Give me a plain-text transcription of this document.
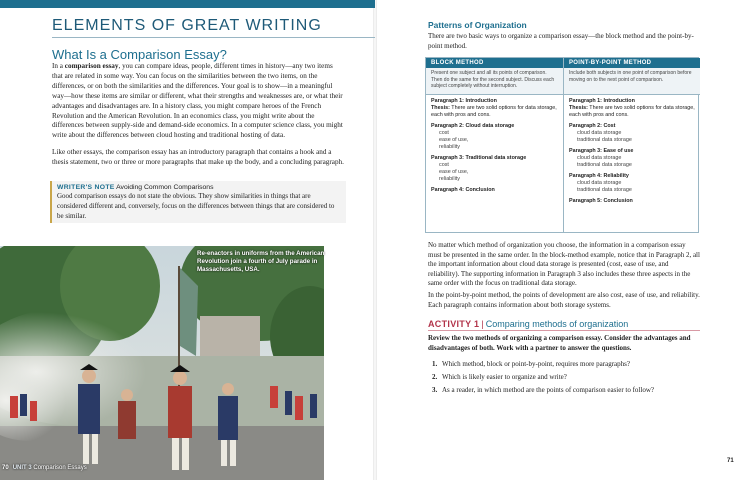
ELEMENTS OF GREAT WRITING
What Is a Comparison Essay?
In a comparison essay, you can compare ideas, people, different times in history—any two items that are related in some way. You can focus on the similarities between the two items, on the differences, or on both the similarities and the differences. Your goal is to show—in a meaningful way—how these items are similar or different, what their strengths and weaknesses are, or what their advantages and disadvantages are. In a history class, you might compare heroes of the French Revolution and the American Revolution. In an economics class, you might write about the differences between supply-side and demand-side economics. In a computer science class, you might write about the differences between cloud hosting and traditional hosting of data.
Like other essays, the comparison essay has an introductory paragraph that contains a hook and a thesis statement, two or three or more paragraphs that make up the body, and a concluding paragraph.
WRITER'S NOTE Avoiding Common Comparisons
Good comparison essays do not state the obvious. They show similarities in things that are considered different and, conversely, focus on the differences between things that are considered to be similar.
Re-enactors in uniforms from the American Revolution join a fourth of July parade in Massachusetts, USA.
70 UNIT 3 Comparison Essays
Patterns of Organization
There are two basic ways to organize a comparison essay—the block method and the point-by-point method.
BLOCK METHOD	POINT-BY-POINT METHOD
Present one subject and all its points of comparison. Then do the same for the second subject. Discuss each subject completely without interruption.
Include both subjects in one point of comparison before moving on to the next point of comparison.
Paragraph 1: Introduction
Thesis: There are two solid options for data storage, each with pros and cons.
Paragraph 2: Cloud data storage
cost
ease of use,
reliability
Paragraph 3: Traditional data storage
cost
ease of use,
reliability
Paragraph 4: Conclusion
Paragraph 1: Introduction
Thesis: There are two solid options for data storage, each with pros and cons.
Paragraph 2: Cost
cloud data storage
traditional data storage
Paragraph 3: Ease of use
cloud data storage
traditional data storage
Paragraph 4: Reliability
cloud data storage
traditional data storage
Paragraph 5: Conclusion
No matter which method of organization you choose, the information in a comparison essay must be presented in the same order. In the block-method example, notice that in Paragraph 2, all the important information about cloud data storage is presented (cost, ease of use, and reliability). The supporting information in Paragraph 3 also includes these three aspects in the same order with the focus on traditional data storage.
In the point-by-point method, the points of development are also cost, ease of use, and reliability. Each paragraph contains information about both storage systems.
ACTIVITY 1 | Comparing methods of organization
Review the two methods of organizing a comparison essay. Consider the advantages and disadvantages of both. Work with a partner to answer the questions.
1. Which method, block or point-by-point, requires more paragraphs?
2. Which is likely easier to organize and write?
3. As a reader, in which method are the points of comparison easier to follow?
71
